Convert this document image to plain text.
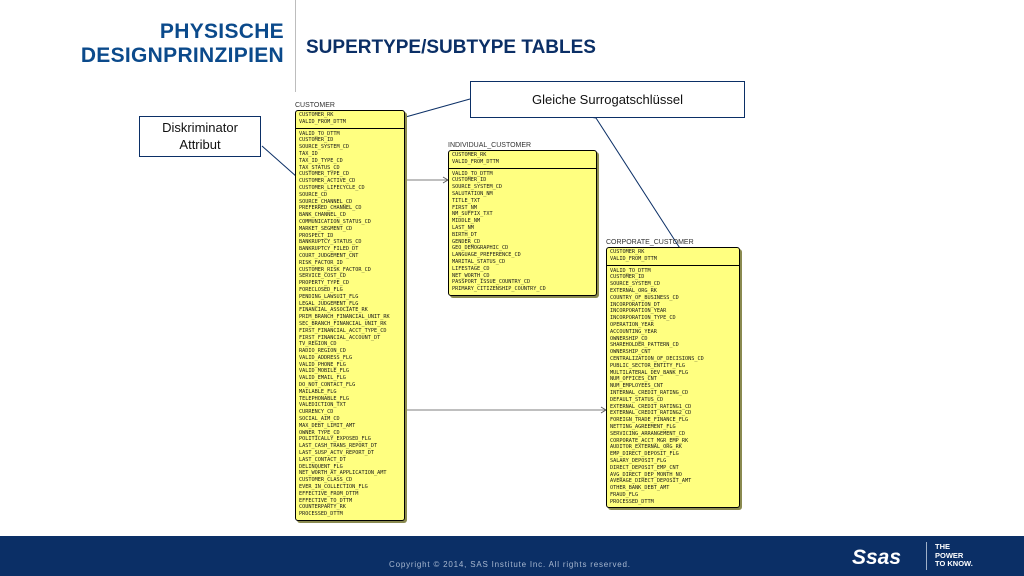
PHYSISCHE
DESIGNPRINZIPIEN SUPERTYPE/SUBTYPE TABLES
Gleiche Surrogatschlüssel
Diskriminator
Attribut
CUSTOMER
CUSTOMER_RK
VALID_FROM_DTTM
VALID_TO_DTTM
CUSTOMER_ID
SOURCE_SYSTEM_CD
TAX_ID
TAX_ID_TYPE_CD
TAX_STATUS_CD
CUSTOMER_TYPE_CD
CUSTOMER_ACTIVE_CD
CUSTOMER_LIFECYCLE_CD
SOURCE_CD
SOURCE_CHANNEL_CD
PREFERRED_CHANNEL_CD
BANK_CHANNEL_CD
COMMUNICATION_STATUS_CD
MARKET_SEGMENT_CD
PROSPECT_ID
BANKRUPTCY_STATUS_CD
BANKRUPTCY_FILED_DT
COURT_JUDGEMENT_CNT
RISK_FACTOR_ID
CUSTOMER_RISK_FACTOR_CD
SERVICE_COST_CD
PROPERTY_TYPE_CD
FORECLOSED_FLG
PENDING_LAWSUIT_FLG
LEGAL_JUDGEMENT_FLG
FINANCIAL_ASSOCIATE_RK
PRIM_BRANCH_FINANCIAL_UNIT_RK
SEC_BRANCH_FINANCIAL_UNIT_RK
FIRST_FINANCIAL_ACCT_TYPE_CD
FIRST_FINANCIAL_ACCOUNT_DT
TV_REGION_CD
RADIO_REGION_CD
VALID_ADDRESS_FLG
VALID_PHONE_FLG
VALID_MOBILE_FLG
VALID_EMAIL_FLG
DO_NOT_CONTACT_FLG
MAILABLE_FLG
TELEPHONABLE_FLG
VALEDICTION_TXT
CURRENCY_CD
SOCIAL_AIM_CD
MAX_DEBT_LIMIT_AMT
OWNER_TYPE_CD
POLITICALLY_EXPOSED_FLG
LAST_CASH_TRANS_REPORT_DT
LAST_SUSP_ACTV_REPORT_DT
LAST_CONTACT_DT
DELINQUENT_FLG
NET_WORTH_AT_APPLICATION_AMT
CUSTOMER_CLASS_CD
EVER_IN_COLLECTION_FLG
EFFECTIVE_FROM_DTTM
EFFECTIVE_TO_DTTM
COUNTERPARTY_RK
PROCESSED_DTTM
INDIVIDUAL_CUSTOMER
CUSTOMER_RK
VALID_FROM_DTTM
VALID_TO_DTTM
CUSTOMER_ID
SOURCE_SYSTEM_CD
SALUTATION_NM
TITLE_TXT
FIRST_NM
NM_SUFFIX_TXT
MIDDLE_NM
LAST_NM
BIRTH_DT
GENDER_CD
GEO_DEMOGRAPHIC_CD
LANGUAGE_PREFERENCE_CD
MARITAL_STATUS_CD
LIFESTAGE_CD
NET_WORTH_CD
PASSPORT_ISSUE_COUNTRY_CD
PRIMARY_CITIZENSHIP_COUNTRY_CD
CORPORATE_CUSTOMER
CUSTOMER_RK
VALID_FROM_DTTM
VALID_TO_DTTM
CUSTOMER_ID
SOURCE_SYSTEM_CD
EXTERNAL_ORG_RK
COUNTRY_OF_BUSINESS_CD
INCORPORATION_DT
INCORPORATION_YEAR
INCORPORATION_TYPE_CD
OPERATION_YEAR
ACCOUNTING_YEAR
OWNERSHIP_CD
SHAREHOLDER_PATTERN_CD
OWNERSHIP_CNT
CENTRALIZATION_OF_DECISIONS_CD
PUBLIC_SECTOR_ENTITY_FLG
MULTILATERAL_DEV_BANK_FLG
NUM_OFFICES_CNT
NUM_EMPLOYEES_CNT
INTERNAL_CREDIT_RATING_CD
DEFAULT_STATUS_CD
EXTERNAL_CREDIT_RATING1_CD
EXTERNAL_CREDIT_RATING2_CD
FOREIGN_TRADE_FINANCE_FLG
NETTING_AGREEMENT_FLG
SERVICING_ARRANGEMENT_CD
CORPORATE_ACCT_MGR_EMP_RK
AUDITOR_EXTERNAL_ORG_RK
EMP_DIRECT_DEPOSIT_FLG
SALARY_DEPOSIT_FLG
DIRECT_DEPOSIT_EMP_CNT
AVG_DIRECT_DEP_MONTH_NO
AVERAGE_DIRECT_DEPOSIT_AMT
OTHER_BANK_DEBT_AMT
FRAUD_FLG
PROCESSED_DTTM
Copyright © 2014, SAS Institute Inc. All rights reserved.	Ssas	THE
POWER
TO KNOW.
